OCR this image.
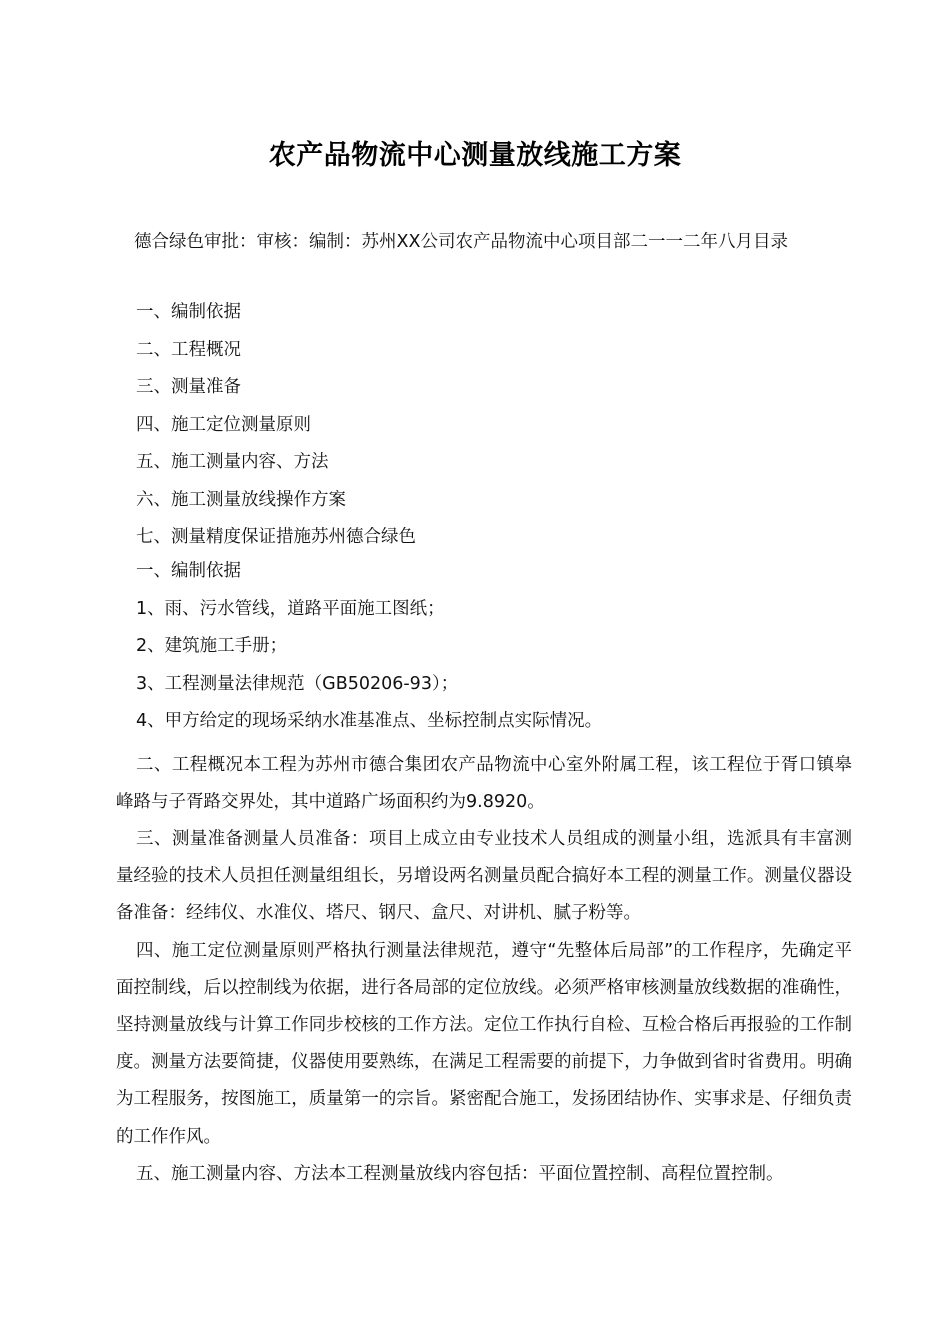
农产品物流中心测量放线施工方案
德合绿色审批：审核：编制：苏州XX公司农产品物流中心项目部二一一二年八月目录
一、编制依据
二、工程概况
三、测量准备
四、施工定位测量原则
五、施工测量内容、方法
六、施工测量放线操作方案
七、测量精度保证措施苏州德合绿色
一、编制依据
1、雨、污水管线，道路平面施工图纸；
2、建筑施工手册；
3、工程测量法律规范（GB50206-93）；
4、甲方给定的现场采纳水准基准点、坐标控制点实际情况。

二、工程概况本工程为苏州市德合集团农产品物流中心室外附属工程，该工程位于胥口镇皋峰路与子胥路交界处，其中道路广场面积约为9.8920。

三、测量准备测量人员准备：项目上成立由专业技术人员组成的测量小组，选派具有丰富测量经验的技术人员担任测量组组长，另增设两名测量员配合搞好本工程的测量工作。测量仪器设备准备：经纬仪、水准仪、塔尺、钢尺、盒尺、对讲机、腻子粉等。

四、施工定位测量原则严格执行测量法律规范，遵守“先整体后局部”的工作程序，先确定平面控制线，后以控制线为依据，进行各局部的定位放线。必须严格审核测量放线数据的准确性，坚持测量放线与计算工作同步校核的工作方法。定位工作执行自检、互检合格后再报验的工作制度。测量方法要简捷，仪器使用要熟练，在满足工程需要的前提下，力争做到省时省费用。明确为工程服务，按图施工，质量第一的宗旨。紧密配合施工，发扬团结协作、实事求是、仔细负责的工作作风。

五、施工测量内容、方法本工程测量放线内容包括：平面位置控制、高程位置控制。
